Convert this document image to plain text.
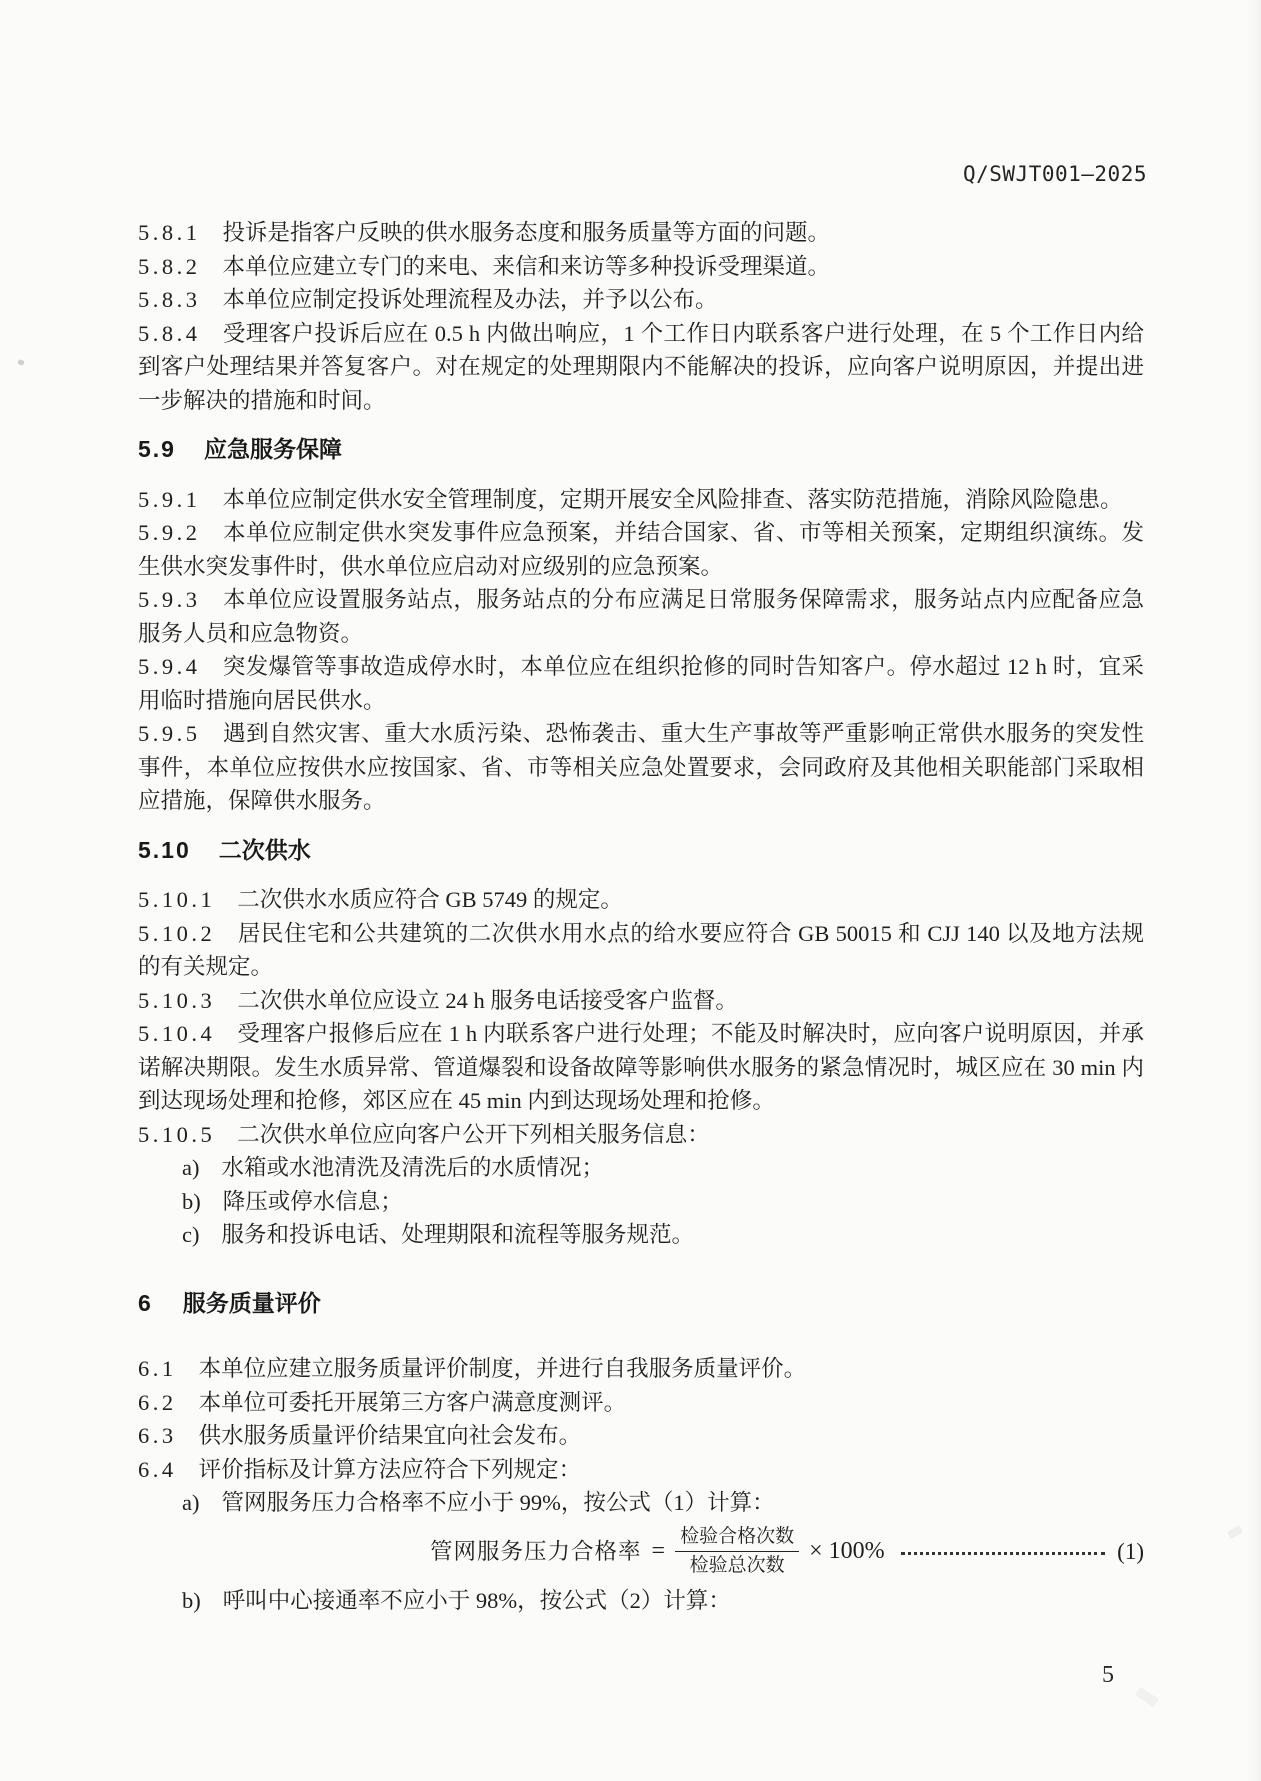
Q/SWJT001—2025

5.8.1 投诉是指客户反映的供水服务态度和服务质量等方面的问题。

5.8.2 本单位应建立专门的来电、来信和来访等多种投诉受理渠道。

5.8.3 本单位应制定投诉处理流程及办法，并予以公布。

5.8.4 受理客户投诉后应在 0.5 h 内做出响应，1 个工作日内联系客户进行处理，在 5 个工作日内给到客户处理结果并答复客户。对在规定的处理期限内不能解决的投诉，应向客户说明原因，并提出进一步解决的措施和时间。

5.9 应急服务保障

5.9.1 本单位应制定供水安全管理制度，定期开展安全风险排查、落实防范措施，消除风险隐患。

5.9.2 本单位应制定供水突发事件应急预案，并结合国家、省、市等相关预案，定期组织演练。发生供水突发事件时，供水单位应启动对应级别的应急预案。

5.9.3 本单位应设置服务站点，服务站点的分布应满足日常服务保障需求，服务站点内应配备应急服务人员和应急物资。

5.9.4 突发爆管等事故造成停水时，本单位应在组织抢修的同时告知客户。停水超过 12 h 时，宜采用临时措施向居民供水。

5.9.5 遇到自然灾害、重大水质污染、恐怖袭击、重大生产事故等严重影响正常供水服务的突发性事件，本单位应按供水应按国家、省、市等相关应急处置要求，会同政府及其他相关职能部门采取相应措施，保障供水服务。

5.10 二次供水

5.10.1 二次供水水质应符合 GB 5749 的规定。

5.10.2 居民住宅和公共建筑的二次供水用水点的给水要应符合 GB 50015 和 CJJ 140 以及地方法规的有关规定。

5.10.3 二次供水单位应设立 24 h 服务电话接受客户监督。

5.10.4 受理客户报修后应在 1 h 内联系客户进行处理；不能及时解决时，应向客户说明原因，并承诺解决期限。发生水质异常、管道爆裂和设备故障等影响供水服务的紧急情况时，城区应在 30 min 内到达现场处理和抢修，郊区应在 45 min 内到达现场处理和抢修。

5.10.5 二次供水单位应向客户公开下列相关服务信息：

a) 水箱或水池清洗及清洗后的水质情况；

b) 降压或停水信息；

c) 服务和投诉电话、处理期限和流程等服务规范。

6 服务质量评价

6.1 本单位应建立服务质量评价制度，并进行自我服务质量评价。

6.2 本单位可委托开展第三方客户满意度测评。

6.3 供水服务质量评价结果宜向社会发布。

6.4 评价指标及计算方法应符合下列规定：

a) 管网服务压力合格率不应小于 99%，按公式（1）计算：

管网服务压力合格率 = $\frac{\text{检验合格次数}}{\text{检验总次数}} \times 100\%$	(1)

b) 呼叫中心接通率不应小于 98%，按公式（2）计算：

5
